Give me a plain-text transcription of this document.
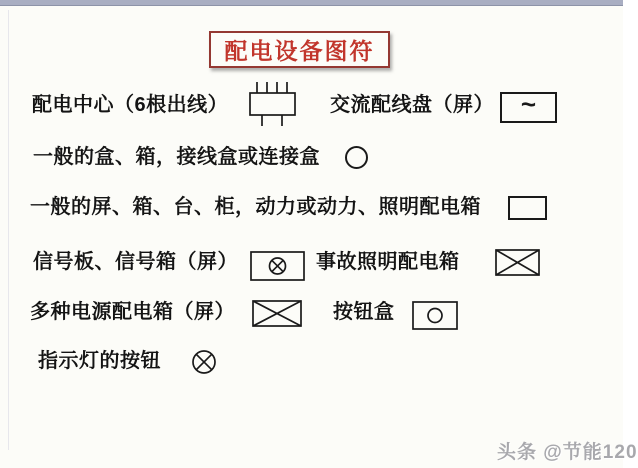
配电设备图符
配电中心（6根出线）	交流配线盘（屏） ~
一般的盒、箱，接线盒或连接盒
一般的屏、箱、台、柜，动力或动力、照明配电箱
信号板、信号箱（屏）	事故照明配电箱
多种电源配电箱（屏）	按钮盒
指示灯的按钮
头条 @节能120
